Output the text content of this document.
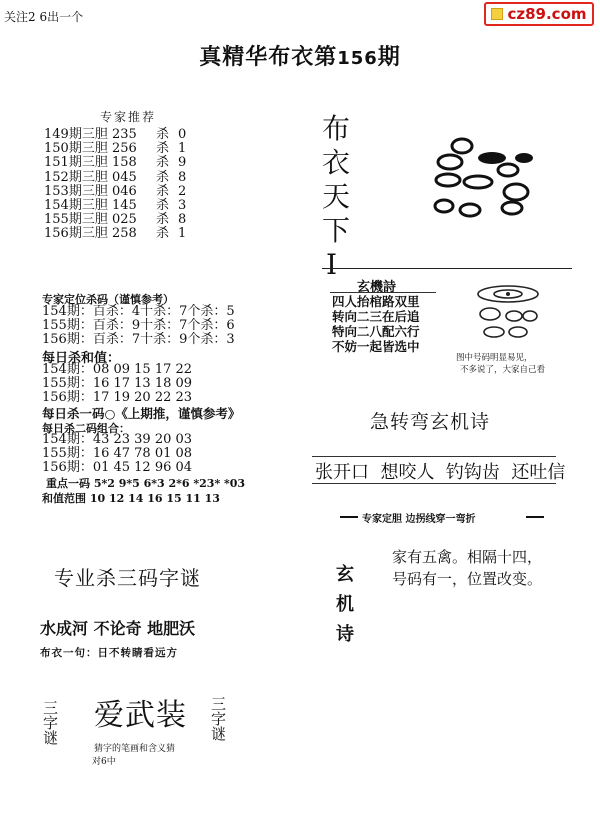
关注2 6出一个	cz89.com
真精华布衣第156期
专家推荐
149期三胆 235 杀 0
150期三胆 256 杀 1
151期三胆 158 杀 9
152期三胆 045 杀 8
153期三胆 046 杀 2
154期三胆 145 杀 3
155期三胆 025 杀 8
156期三胆 258 杀 1
专家定位杀码（谨慎参考）
154期：百杀：4十杀：7个杀：5
155期：百杀：9十杀：7个杀：6
156期：百杀：7十杀：9个杀：3
每日杀和值：
154期：08 09 15 17 22
155期：16 17 13 18 09
156期：17 19 20 22 23
每日杀一码○《上期推，谨慎参考》
每日杀二码组合：
154期：43 23 39 20 03
155期：16 47 78 01 08
156期：01 45 12 96 04
重点一码 5*2 9*5 6*3 2*6 *23* *03
和值范围 10 12 14 16 15 11 13
专业杀三码字谜
水成河 不论奇 地肥沃
布衣一句：日不转睛看远方
三字谜 爱武装
猜字的笔画和含义猜
对6中
三字谜
布
衣
天
下
I
玄機詩
四人抬棺路双里
转向二三在后追
特向二八配六行
不妨一起皆选中
图中号码明显易见，
不多说了，大家自己看
急转弯玄机诗
张开口  想咬人  钓钩齿  还吐信
专家定胆 边拐线穿一弯折
玄
机
诗
家有五禽。相隔十四，
号码有一，位置改变。
